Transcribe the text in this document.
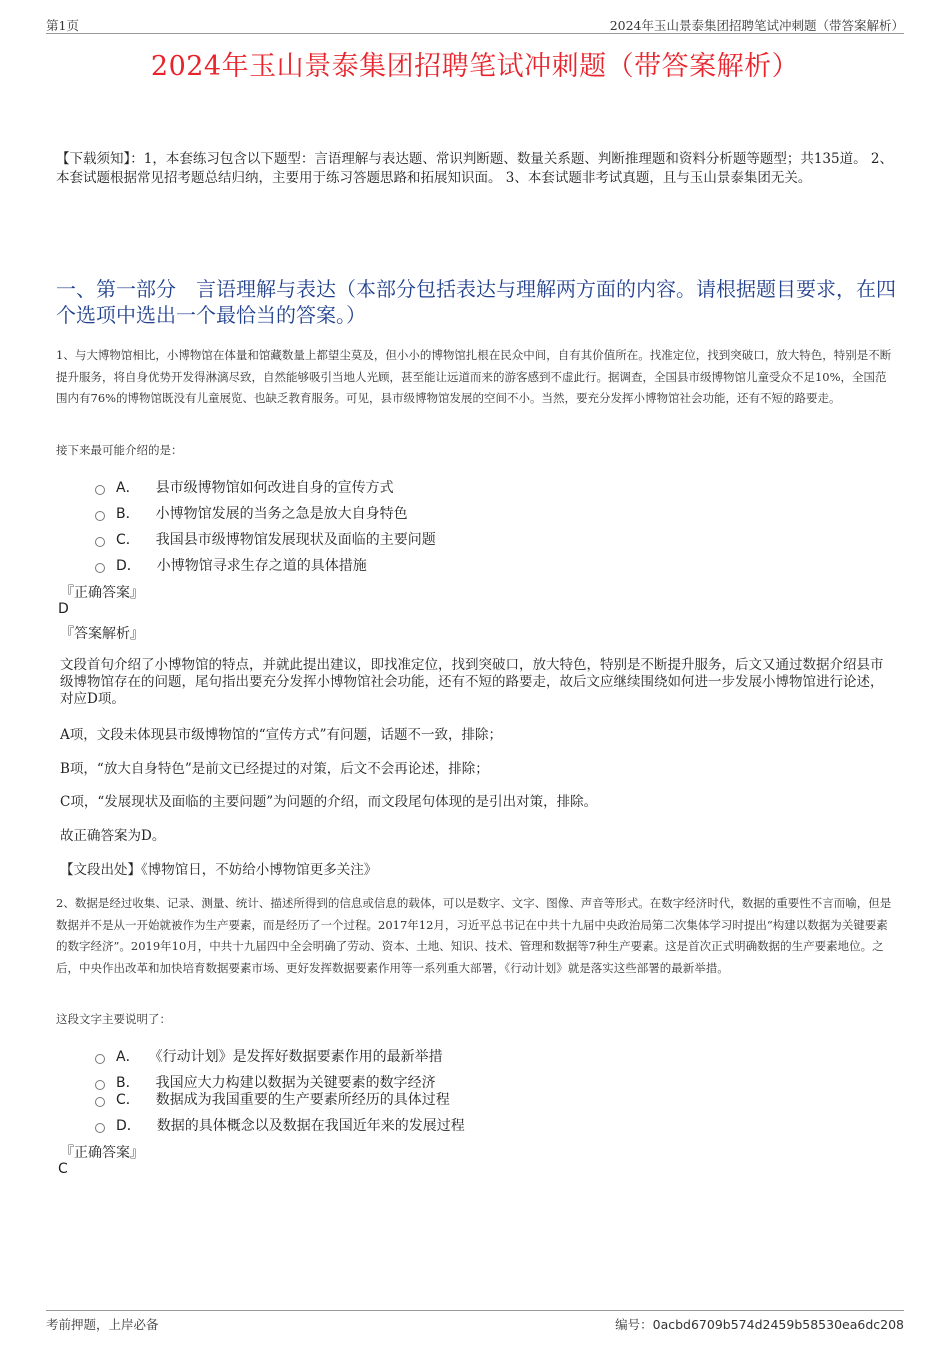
第1页	2024年玉山景泰集团招聘笔试冲刺题（带答案解析）
2024年玉山景泰集团招聘笔试冲刺题（带答案解析）

【下载须知】：1，本套练习包含以下题型：言语理解与表达题、常识判断题、数量关系题、判断推理题和资料分析题等题型；共135道。 2、本套试题根据常见招考题总结归纳，主要用于练习答题思路和拓展知识面。 3、本套试题非考试真题，且与玉山景泰集团无关。

一、第一部分　言语理解与表达（本部分包括表达与理解两方面的内容。请根据题目要求，在四个选项中选出一个最恰当的答案。）

1、与大博物馆相比，小博物馆在体量和馆藏数量上都望尘莫及，但小小的博物馆扎根在民众中间，自有其价值所在。找准定位，找到突破口，放大特色，特别是不断提升服务，将自身优势开发得淋漓尽致，自然能够吸引当地人光顾，甚至能让远道而来的游客感到不虚此行。据调查，全国县市级博物馆儿童受众不足10%，全国范围内有76%的博物馆既没有儿童展览、也缺乏教育服务。可见，县市级博物馆发展的空间不小。当然，要充分发挥小博物馆社会功能，还有不短的路要走。

接下来最可能介绍的是：

A． 县市级博物馆如何改进自身的宣传方式
B． 小博物馆发展的当务之急是放大自身特色
C． 我国县市级博物馆发展现状及面临的主要问题
D． 小博物馆寻求生存之道的具体措施

『正确答案』

D

『答案解析』

文段首句介绍了小博物馆的特点，并就此提出建议，即找准定位，找到突破口，放大特色，特别是不断提升服务，后文又通过数据介绍县市级博物馆存在的问题，尾句指出要充分发挥小博物馆社会功能，还有不短的路要走，故后文应继续围绕如何进一步发展小博物馆进行论述，对应D项。

A项，文段未体现县市级博物馆的“宣传方式”有问题，话题不一致，排除；

B项，“放大自身特色”是前文已经提过的对策，后文不会再论述，排除；

C项，“发展现状及面临的主要问题”为问题的介绍，而文段尾句体现的是引出对策，排除。

故正确答案为D。

【文段出处】《博物馆日，不妨给小博物馆更多关注》

2、数据是经过收集、记录、测量、统计、描述所得到的信息或信息的载体，可以是数字、文字、图像、声音等形式。在数字经济时代，数据的重要性不言而喻，但是数据并不是从一开始就被作为生产要素，而是经历了一个过程。2017年12月，习近平总书记在中共十九届中央政治局第二次集体学习时提出“构建以数据为关键要素的数字经济”。2019年10月，中共十九届四中全会明确了劳动、资本、土地、知识、技术、管理和数据等7种生产要素。这是首次正式明确数据的生产要素地位。之后，中央作出改革和加快培育数据要素市场、更好发挥数据要素作用等一系列重大部署，《行动计划》就是落实这些部署的最新举措。

这段文字主要说明了：

A． 《行动计划》是发挥好数据要素作用的最新举措
B． 我国应大力构建以数据为关键要素的数字经济
C． 数据成为我国重要的生产要素所经历的具体过程
D． 数据的具体概念以及数据在我国近年来的发展过程

『正确答案』

C

考前押题，上岸必备	编号：0acbd6709b574d2459b58530ea6dc208
